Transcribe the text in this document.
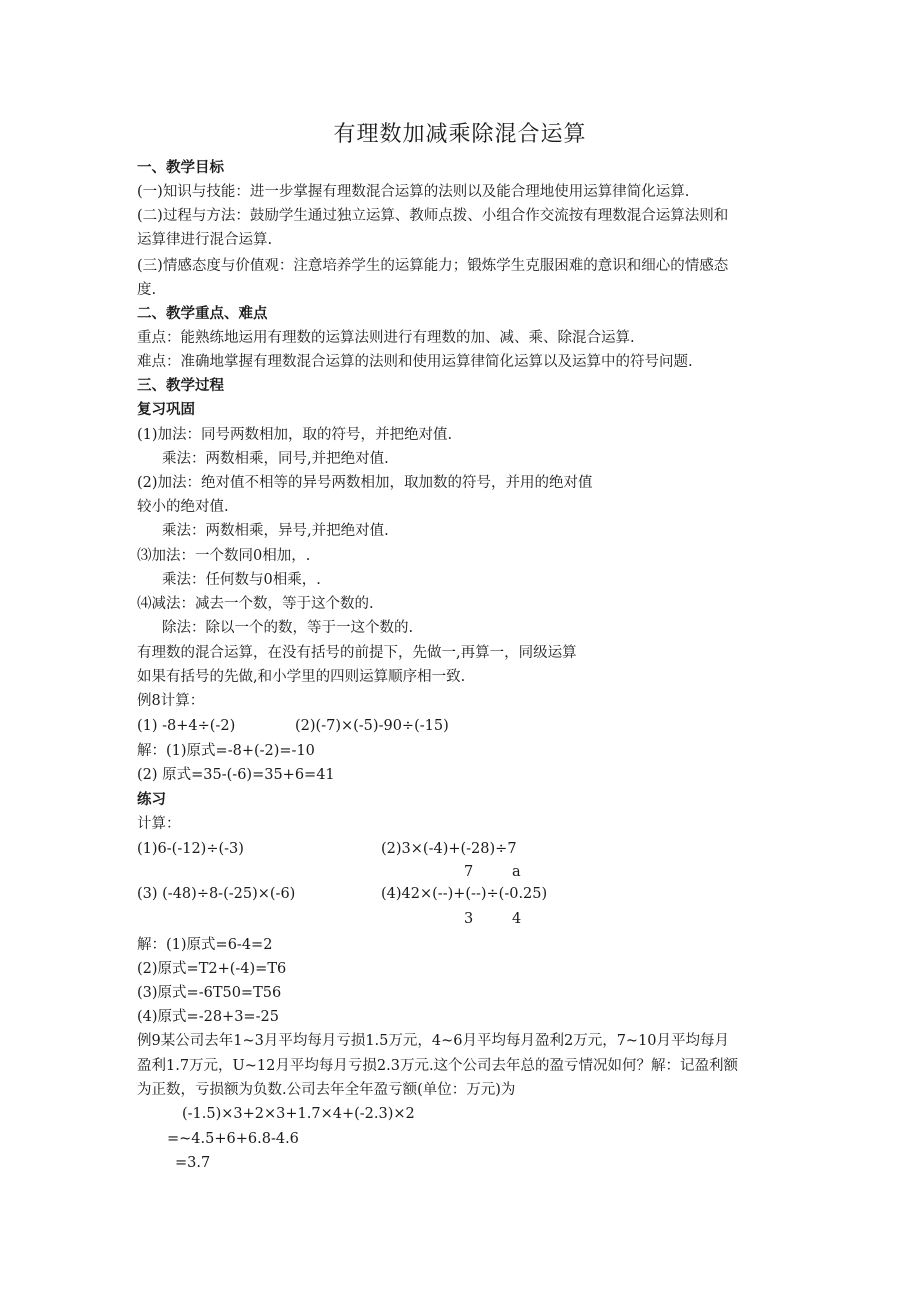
有理数加减乘除混合运算
一、教学目标
(一)知识与技能：进一步掌握有理数混合运算的法则以及能合理地使用运算律简化运算.
(二)过程与方法：鼓励学生通过独立运算、教师点拨、小组合作交流按有理数混合运算法则和
运算律进行混合运算.
(三)情感态度与价值观：注意培养学生的运算能力；锻炼学生克服困难的意识和细心的情感态
度.
二、教学重点、难点
重点：能熟练地运用有理数的运算法则进行有理数的加、减、乘、除混合运算.
难点：准确地掌握有理数混合运算的法则和使用运算律简化运算以及运算中的符号问题.
三、教学过程
复习巩固
(1)加法：同号两数相加，取的符号，并把绝对值.
乘法：两数相乘，同号,并把绝对值.
(2)加法：绝对值不相等的异号两数相加，取加数的符号，并用的绝对值
较小的绝对值.
乘法：两数相乘，异号,并把绝对值.
⑶加法：一个数同0相加，.
乘法：任何数与0相乘，.
⑷减法：减去一个数，等于这个数的.
除法：除以一个的数，等于一这个数的.
有理数的混合运算，在没有括号的前提下，先做一,再算一，同级运算
如果有括号的先做,和小学里的四则运算顺序相一致.
例8计算：
(1) -8+4÷(-2)	(2)(-7)×(-5)-90÷(-15)
解：(1)原式=-8+(-2)=-10
(2) 原式=35-(-6)=35+6=41
练习
计算：
(1)6-(-12)÷(-3)	(2)3×(-4)+(-28)÷7
7	a
(3) (-48)÷8-(-25)×(-6)	(4)42×(--)+(--)÷(-0.25)
3	4
解：(1)原式=6-4=2
(2)原式=T2+(-4)=T6
(3)原式=-6T50=T56
(4)原式=-28+3=-25
例9某公司去年1~3月平均每月亏损1.5万元，4~6月平均每月盈利2万元，7~10月平均每月
盈利1.7万元，U~12月平均每月亏损2.3万元.这个公司去年总的盈亏情况如何？解：记盈利额
为正数，亏损额为负数.公司去年全年盈亏额(单位：万元)为
(-1.5)×3+2×3+1.7×4+(-2.3)×2
=~4.5+6+6.8-4.6
=3.7
